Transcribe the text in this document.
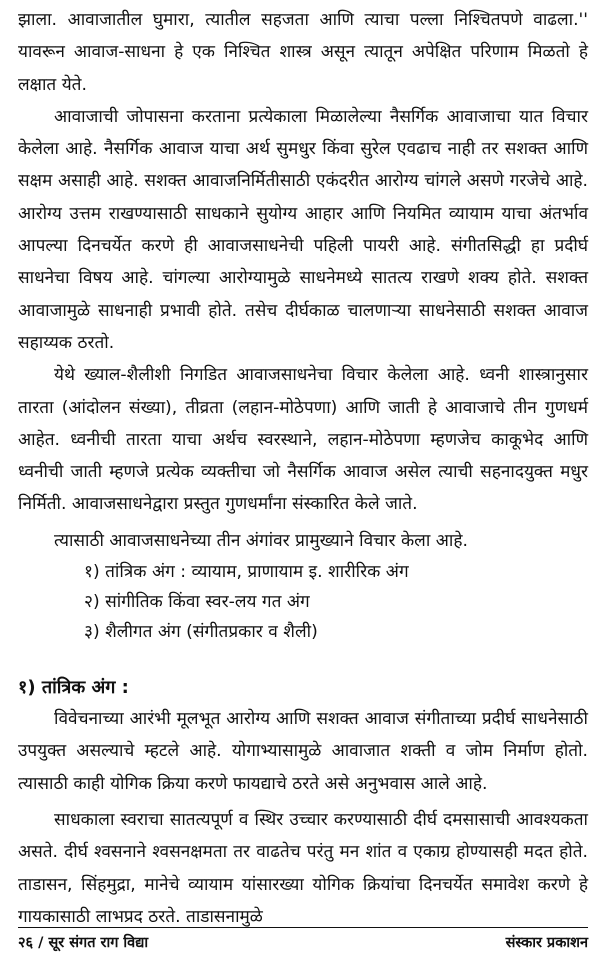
झाला. आवाजातील घुमारा, त्यातील सहजता आणि त्याचा पल्ला निश्चितपणे वाढला.'' यावरून आवाज-साधना हे एक निश्चित शास्त्र असून त्यातून अपेक्षित परिणाम मिळतो हे लक्षात येते.

आवाजाची जोपासना करताना प्रत्येकाला मिळालेल्या नैसर्गिक आवाजाचा यात विचार केलेला आहे. नैसर्गिक आवाज याचा अर्थ सुमधुर किंवा सुरेल एवढाच नाही तर सशक्त आणि सक्षम असाही आहे. सशक्त आवाजनिर्मितीसाठी एकंदरीत आरोग्य चांगले असणे गरजेचे आहे. आरोग्य उत्तम राखण्यासाठी साधकाने सुयोग्य आहार आणि नियमित व्यायाम याचा अंतर्भाव आपल्या दिनचर्येत करणे ही आवाजसाधनेची पहिली पायरी आहे. संगीतसिद्धी हा प्रदीर्घ साधनेचा विषय आहे. चांगल्या आरोग्यामुळे साधनेमध्ये सातत्य राखणे शक्य होते. सशक्त आवाजामुळे साधनाही प्रभावी होते. तसेच दीर्घकाळ चालणाऱ्या साधनेसाठी सशक्त आवाज सहाय्यक ठरतो.

येथे ख्याल-शैलीशी निगडित आवाजसाधनेचा विचार केलेला आहे. ध्वनी शास्त्रानुसार तारता (आंदोलन संख्या), तीव्रता (लहान-मोठेपणा) आणि जाती हे आवाजाचे तीन गुणधर्म आहेत. ध्वनीची तारता याचा अर्थच स्वरस्थाने, लहान-मोठेपणा म्हणजेच काकूभेद आणि ध्वनीची जाती म्हणजे प्रत्येक व्यक्तीचा जो नैसर्गिक आवाज असेल त्याची सहनादयुक्त मधुर निर्मिती. आवाजसाधनेद्वारा प्रस्तुत गुणधर्मांना संस्कारित केले जाते.

त्यासाठी आवाजसाधनेच्या तीन अंगांवर प्रामुख्याने विचार केला आहे.

१) तांत्रिक अंग : व्यायाम, प्राणायाम इ. शारीरिक अंग
२) सांगीतिक किंवा स्वर-लय गत अंग
३) शैलीगत अंग (संगीतप्रकार व शैली)
१) तांत्रिक अंग :

विवेचनाच्या आरंभी मूलभूत आरोग्य आणि सशक्त आवाज संगीताच्या प्रदीर्घ साधनेसाठी उपयुक्त असल्याचे म्हटले आहे. योगाभ्यासामुळे आवाजात शक्ती व जोम निर्माण होतो. त्यासाठी काही योगिक क्रिया करणे फायद्याचे ठरते असे अनुभवास आले आहे.

साधकाला स्वराचा सातत्यपूर्ण व स्थिर उच्चार करण्यासाठी दीर्घ दमसासाची आवश्यकता असते. दीर्घ श्वसनाने श्वसनक्षमता तर वाढतेच परंतु मन शांत व एकाग्र होण्यासही मदत होते. ताडासन, सिंहमुद्रा, मानेचे व्यायाम यांसारख्या योगिक क्रियांचा दिनचर्येत समावेश करणे हे गायकासाठी लाभप्रद ठरते. ताडासनामुळे

२६ / सूर संगत राग विद्या	संस्कार प्रकाशन
